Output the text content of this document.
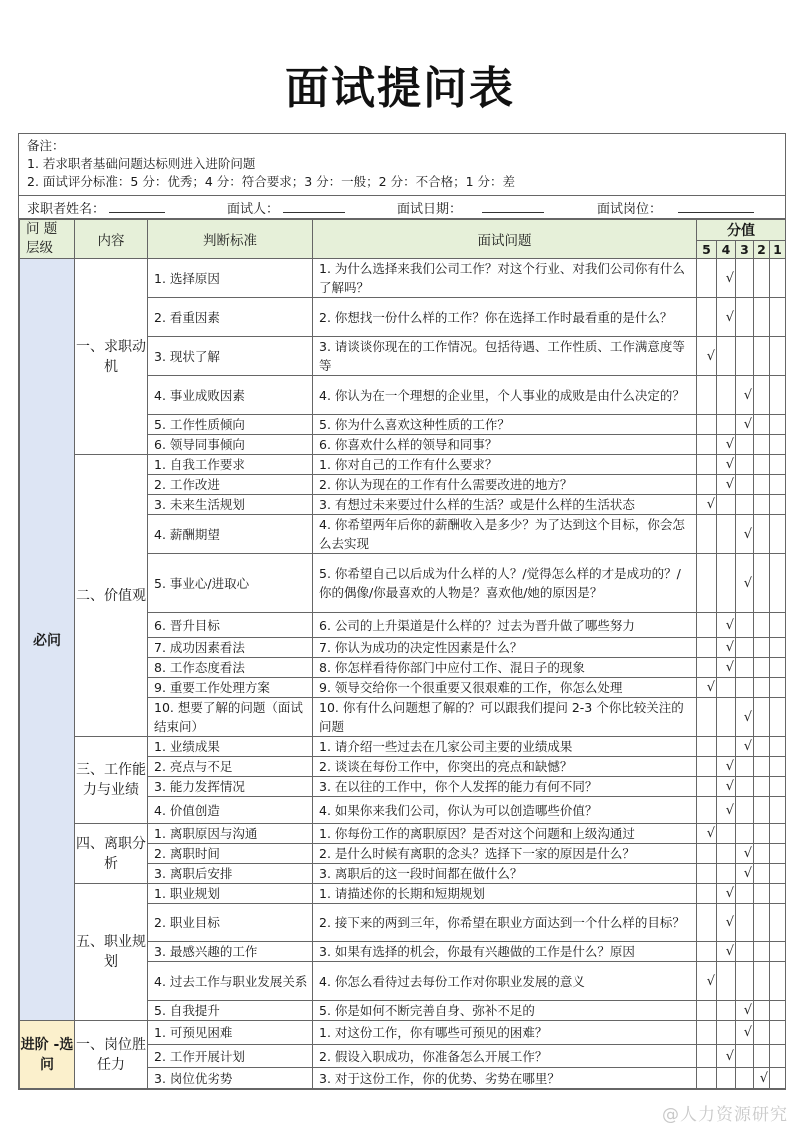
面试提问表
备注：
1. 若求职者基础问题达标则进入进阶问题
2. 面试评分标准：5 分：优秀；4 分：符合要求；3 分：一般；2 分：不合格；1 分：差
求职者姓名：	面试人：	面试日期：	面试岗位：
问 题 层级	内容	判断标准	面试问题	分值				
				5	4	3	2	1
必问	一、求职动机	1. 选择原因	1. 为什么选择来我们公司工作？对这个行业、对我们公司你有什么了解吗？		√			
		2. 看重因素	2. 你想找一份什么样的工作？你在选择工作时最看重的是什么？		√			
		3. 现状了解	3. 请谈谈你现在的工作情况。包括待遇、工作性质、工作满意度等等	√				
		4. 事业成败因素	4. 你认为在一个理想的企业里，个人事业的成败是由什么决定的？			√		
		5. 工作性质倾向	5. 你为什么喜欢这种性质的工作？			√		
		6. 领导同事倾向	6. 你喜欢什么样的领导和同事？		√			
	二、价值观	1. 自我工作要求	1. 你对自己的工作有什么要求？		√			
		2. 工作改进	2. 你认为现在的工作有什么需要改进的地方？		√			
		3. 未来生活规划	3. 有想过未来要过什么样的生活？或是什么样的生活状态	√				
		4. 薪酬期望	4. 你希望两年后你的薪酬收入是多少？为了达到这个目标，你会怎么去实现			√		
		5. 事业心/进取心	5. 你希望自己以后成为什么样的人？/觉得怎么样的才是成功的？/你的偶像/你最喜欢的人物是？喜欢他/她的原因是？			√		
		6. 晋升目标	6. 公司的上升渠道是什么样的？过去为晋升做了哪些努力		√			
		7. 成功因素看法	7. 你认为成功的决定性因素是什么？		√			
		8. 工作态度看法	8. 你怎样看待你部门中应付工作、混日子的现象		√			
		9. 重要工作处理方案	9. 领导交给你一个很重要又很艰难的工作，你怎么处理	√				
		10. 想要了解的问题（面试结束问）	10. 你有什么问题想了解的？可以跟我们提问 2-3 个你比较关注的问题			√		
	三、工作能力与业绩	1. 业绩成果	1. 请介绍一些过去在几家公司主要的业绩成果			√		
		2. 亮点与不足	2. 谈谈在每份工作中，你突出的亮点和缺憾？		√			
		3. 能力发挥情况	3. 在以往的工作中，你个人发挥的能力有何不同？		√			
		4. 价值创造	4. 如果你来我们公司，你认为可以创造哪些价值？		√			
	四、离职分析	1. 离职原因与沟通	1. 你每份工作的离职原因？是否对这个问题和上级沟通过	√				
		2. 离职时间	2. 是什么时候有离职的念头？选择下一家的原因是什么？			√		
		3. 离职后安排	3. 离职后的这一段时间都在做什么？			√		
	五、职业规划	1. 职业规划	1. 请描述你的长期和短期规划		√			
		2. 职业目标	2. 接下来的两到三年，你希望在职业方面达到一个什么样的目标？		√			
		3. 最感兴趣的工作	3. 如果有选择的机会，你最有兴趣做的工作是什么？原因		√			
		4. 过去工作与职业发展关系	4. 你怎么看待过去每份工作对你职业发展的意义	√				
		5. 自我提升	5. 你是如何不断完善自身、弥补不足的			√		
进阶 -选问	一、岗位胜任力	1. 可预见困难	1. 对这份工作，你有哪些可预见的困难？			√		
		2. 工作开展计划	2. 假设入职成功，你准备怎么开展工作？		√			
		3. 岗位优劣势	3. 对于这份工作，你的优势、劣势在哪里？				√	
@人力资源研究
